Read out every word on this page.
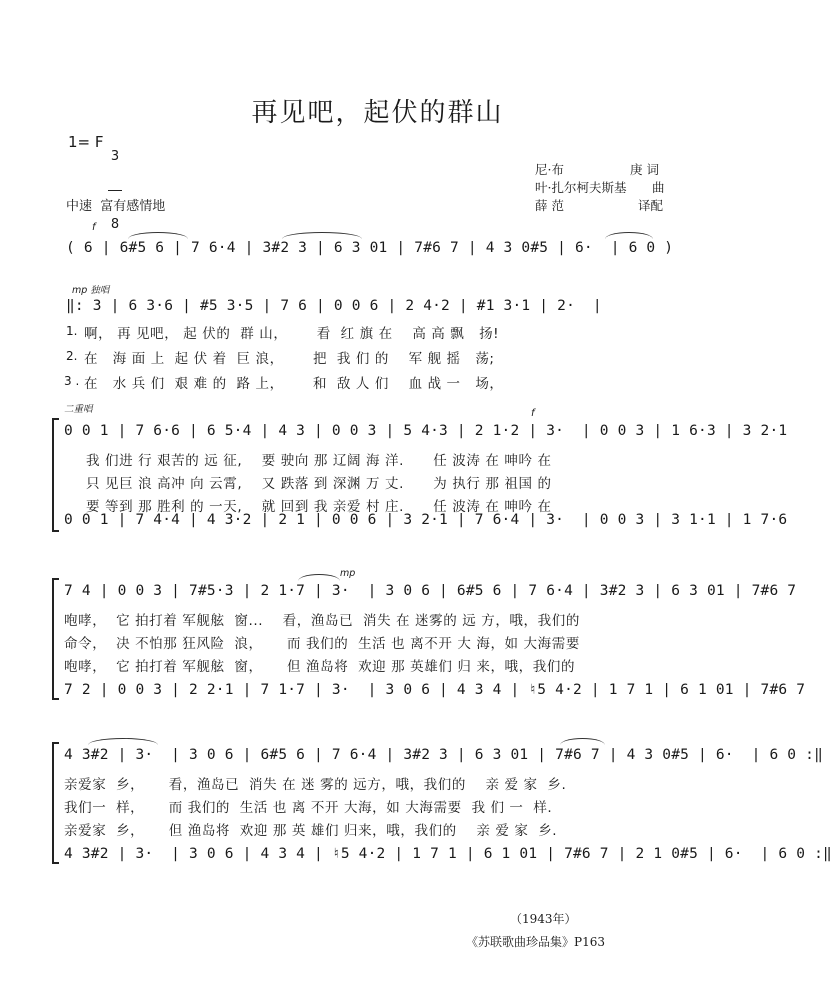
再见吧，起伏的群山
1= F

3

8

尼·布	庚 词
叶·扎尔柯夫斯基 曲
薛 范	译配
中速  富有感情地
f
( 6 | 6#5 6 | 7 6·4 | 3#2 3 | 6 3 01 | 7#6 7 | 4 3 0#5 | 6·  | 6 0 )
mp 独唱
‖: 3 | 6 3·6 | #5 3·5 | 7 6 | 0 0 6 | 2 4·2 | #1 3·1 | 2·  |
1. 啊， 再 见吧， 起 伏的  群 山，      看  红 旗 在    高 高 飘   扬!
2. 在   海 面 上  起 伏 着  巨 浪，      把  我 们 的    军 舰 摇   荡;
3 . 在   水 兵 们  艰 难 的  路 上，      和  敌 人 们    血 战 一   场，
二重唱	f
0 0 1 | 7 6·6 | 6 5·4 | 4 3 | 0 0 3 | 5 4·3 | 2 1·2 | 3·  | 0 0 3 | 1 6·3 | 3 2·1
我 们进 行 艰苦的 远 征,    要 驶向 那 辽阔 海 洋.      任 波涛 在 呻吟 在
只 见巨 浪 高冲 向 云霄,    又 跌落 到 深渊 万 丈.      为 执行 那 祖国 的
要 等到 那 胜利 的 一天,    就 回到 我 亲爱 村 庄.      任 波涛 在 呻吟 在
0 0 1 | 7 4·4 | 4 3·2 | 2 1 | 0 0 6 | 3 2·1 | 7 6·4 | 3·  | 0 0 3 | 3 1·1 | 1 7·6
mp
7 4 | 0 0 3 | 7#5·3 | 2 1·7 | 3·  | 3 0 6 | 6#5 6 | 7 6·4 | 3#2 3 | 6 3 01 | 7#6 7
咆哮，  它 拍打着 军舰舷  窗...    看，渔岛已  消失 在 迷雾的 远 方，哦，我们的
命令，  决 不怕那 狂风险  浪，     而 我们的  生活 也 离不开 大 海，如 大海需要
咆哮，  它 拍打着 军舰舷  窗，     但 渔岛将  欢迎 那 英雄们 归 来，哦，我们的
7 2 | 0 0 3 | 2 2·1 | 7 1·7 | 3·  | 3 0 6 | 4 3 4 | ♮5 4·2 | 1 7 1 | 6 1 01 | 7#6 7
4 3#2 | 3·  | 3 0 6 | 6#5 6 | 7 6·4 | 3#2 3 | 6 3 01 | 7#6 7 | 4 3 0#5 | 6·  | 6 0 :‖
亲爱家  乡，     看，渔岛已  消失 在 迷 雾的 远方，哦，我们的    亲 爱 家  乡.
我们一  样，     而 我们的  生活 也 离 不开 大海，如 大海需要  我 们 一  样.
亲爱家  乡，     但 渔岛将  欢迎 那 英 雄们 归来，哦，我们的    亲 爱 家  乡.
4 3#2 | 3·  | 3 0 6 | 4 3 4 | ♮5 4·2 | 1 7 1 | 6 1 01 | 7#6 7 | 2 1 0#5 | 6·  | 6 0 :‖
（1943年）
《苏联歌曲珍品集》P163
